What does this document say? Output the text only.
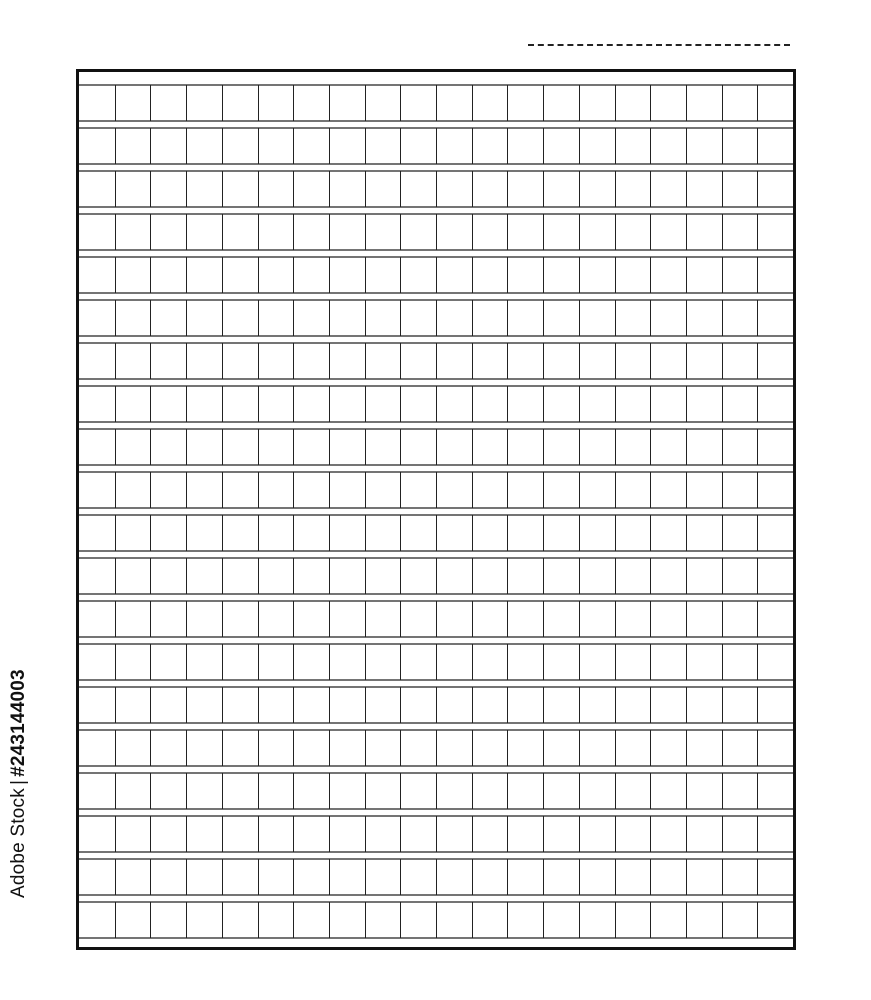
Adobe Stock|#243144003
